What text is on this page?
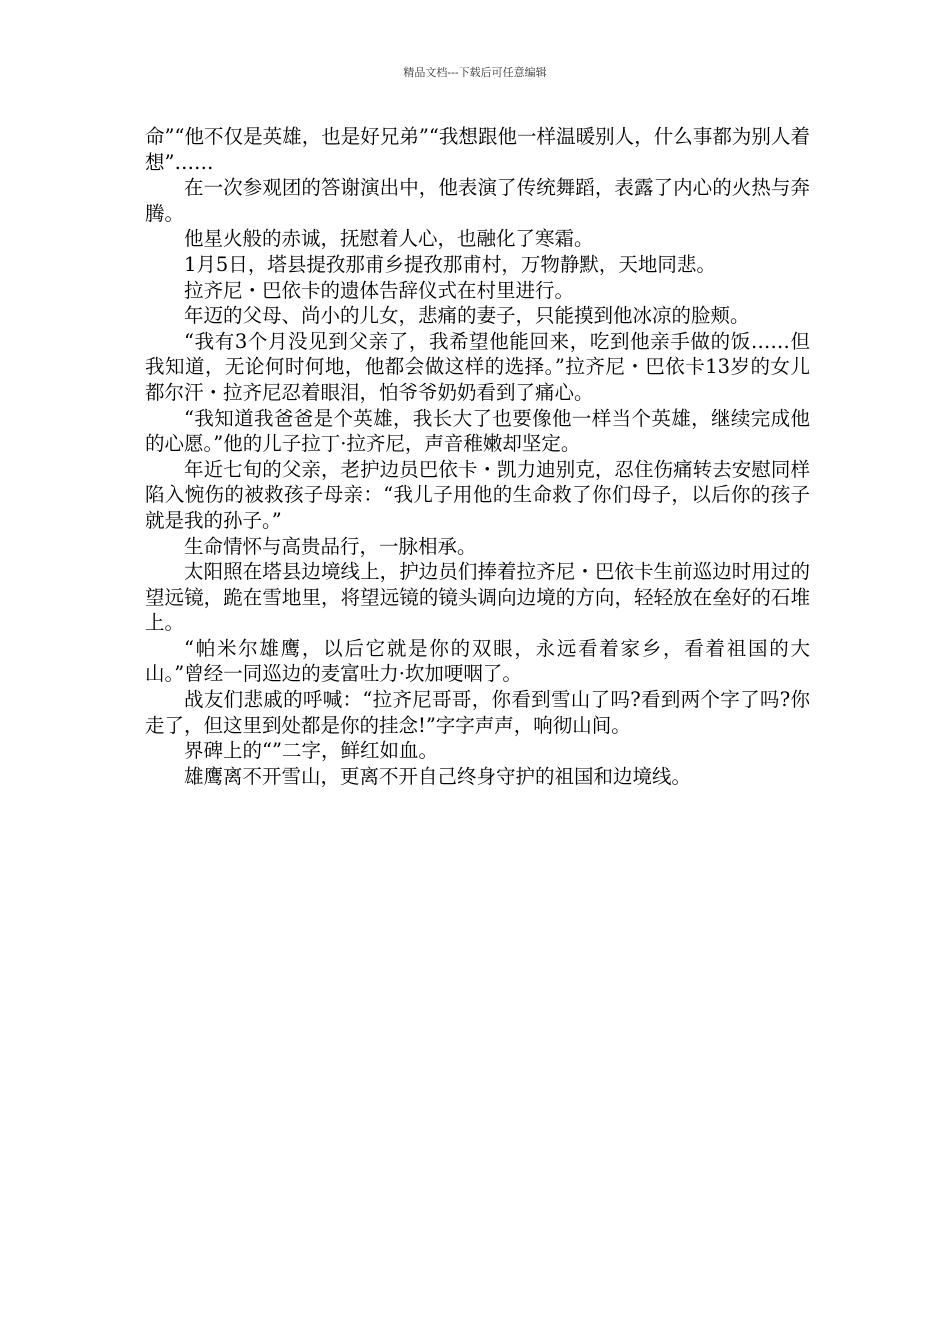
精品文档---下载后可任意编辑

命”“他不仅是英雄，也是好兄弟”“我想跟他一样温暖别人，什么事都为别人着想”……

在一次参观团的答谢演出中，他表演了传统舞蹈，表露了内心的火热与奔腾。

他星火般的赤诚，抚慰着人心，也融化了寒霜。

1月5日，塔县提孜那甫乡提孜那甫村，万物静默，天地同悲。

拉齐尼・巴依卡的遗体告辞仪式在村里进行。

年迈的父母、尚小的儿女，悲痛的妻子，只能摸到他冰凉的脸颊。

“我有3个月没见到父亲了，我希望他能回来，吃到他亲手做的饭……但我知道，无论何时何地，他都会做这样的选择。”拉齐尼・巴依卡13岁的女儿都尔汗・拉齐尼忍着眼泪，怕爷爷奶奶看到了痛心。

“我知道我爸爸是个英雄，我长大了也要像他一样当个英雄，继续完成他的心愿。”他的儿子拉丁·拉齐尼，声音稚嫩却坚定。

年近七旬的父亲，老护边员巴依卡・凯力迪别克，忍住伤痛转去安慰同样陷入惋伤的被救孩子母亲：“我儿子用他的生命救了你们母子，以后你的孩子就是我的孙子。”

生命情怀与高贵品行，一脉相承。

太阳照在塔县边境线上，护边员们捧着拉齐尼・巴依卡生前巡边时用过的望远镜，跪在雪地里，将望远镜的镜头调向边境的方向，轻轻放在垒好的石堆上。

“帕米尔雄鹰，以后它就是你的双眼，永远看着家乡，看着祖国的大山。”曾经一同巡边的麦富吐力·坎加哽咽了。

战友们悲戚的呼喊：“拉齐尼哥哥，你看到雪山了吗?看到两个字了吗?你走了，但这里到处都是你的挂念!”字字声声，响彻山间。

界碑上的“”二字，鲜红如血。

雄鹰离不开雪山，更离不开自己终身守护的祖国和边境线。
